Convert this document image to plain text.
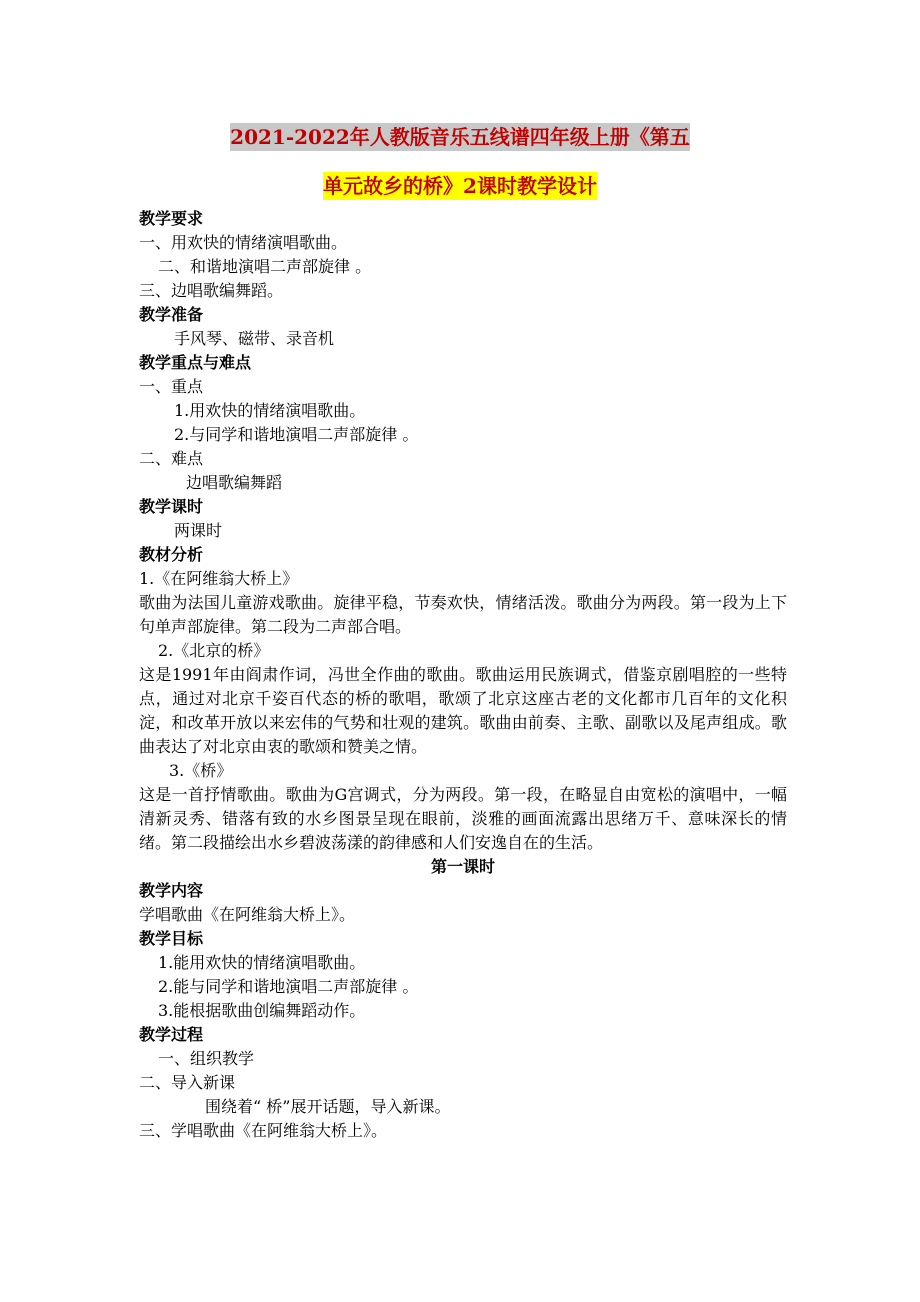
2021-2022年人教版音乐五线谱四年级上册《第五
单元故乡的桥》2课时教学设计
教学要求
一、用欢快的情绪演唱歌曲。
二、和谐地演唱二声部旋律 。
三、边唱歌编舞蹈。
教学准备
手风琴、磁带、录音机
教学重点与难点
一、重点
1.用欢快的情绪演唱歌曲。
2.与同学和谐地演唱二声部旋律 。
二、难点
边唱歌编舞蹈
教学课时
两课时
教材分析
1.《在阿维翁大桥上》
歌曲为法国儿童游戏歌曲。旋律平稳，节奏欢快，情绪活泼。歌曲分为两段。第一段为上下句单声部旋律。第二段为二声部合唱。
2.《北京的桥》
这是1991年由阎肃作词，冯世全作曲的歌曲。歌曲运用民族调式，借鉴京剧唱腔的一些特点，通过对北京千姿百代态的桥的歌唱，歌颂了北京这座古老的文化都市几百年的文化积淀，和改革开放以来宏伟的气势和壮观的建筑。歌曲由前奏、主歌、副歌以及尾声组成。歌曲表达了对北京由衷的歌颂和赞美之情。
3.《桥》
这是一首抒情歌曲。歌曲为G宫调式，分为两段。第一段，在略显自由宽松的演唱中，一幅清新灵秀、错落有致的水乡图景呈现在眼前，淡雅的画面流露出思绪万千、意味深长的情绪。第二段描绘出水乡碧波荡漾的韵律感和人们安逸自在的生活。
第一课时
教学内容
学唱歌曲《在阿维翁大桥上》。
教学目标
1.能用欢快的情绪演唱歌曲。
2.能与同学和谐地演唱二声部旋律 。
3.能根据歌曲创编舞蹈动作。
教学过程
一、组织教学
二、导入新课
围绕着“ 桥”展开话题，导入新课。
三、学唱歌曲《在阿维翁大桥上》。
